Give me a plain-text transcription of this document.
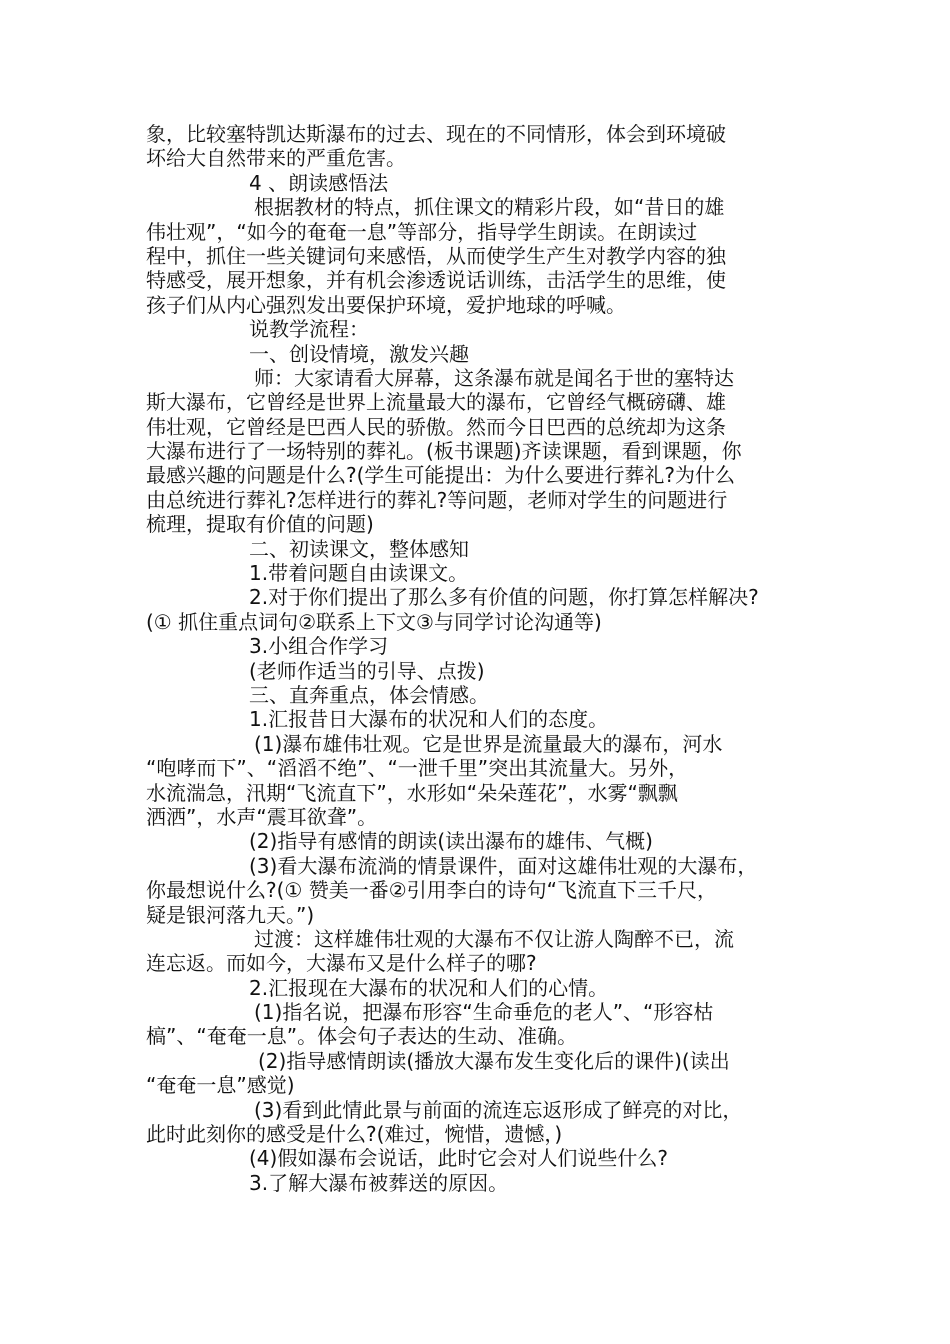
象，比较塞特凯达斯瀑布的过去、现在的不同情形，体会到环境破
坏给大自然带来的严重危害。
4 、朗读感悟法
根据教材的特点，抓住课文的精彩片段，如“昔日的雄
伟壮观”，“如今的奄奄一息”等部分，指导学生朗读。在朗读过
程中，抓住一些关键词句来感悟，从而使学生产生对教学内容的独
特感受，展开想象，并有机会渗透说话训练，击活学生的思维，使
孩子们从内心强烈发出要保护环境，爱护地球的呼喊。
说教学流程：
一、创设情境，激发兴趣
师：大家请看大屏幕，这条瀑布就是闻名于世的塞特达
斯大瀑布，它曾经是世界上流量最大的瀑布，它曾经气概磅礴、雄
伟壮观，它曾经是巴西人民的骄傲。然而今日巴西的总统却为这条
大瀑布进行了一场特别的葬礼。(板书课题)齐读课题，看到课题，你
最感兴趣的问题是什么?(学生可能提出：为什么要进行葬礼?为什么
由总统进行葬礼?怎样进行的葬礼?等问题，老师对学生的问题进行
梳理，提取有价值的问题)
二、初读课文，整体感知
1.带着问题自由读课文。
2.对于你们提出了那么多有价值的问题，你打算怎样解决?
(① 抓住重点词句②联系上下文③与同学讨论沟通等)
3.小组合作学习
(老师作适当的引导、点拨)
三、直奔重点，体会情感。
1.汇报昔日大瀑布的状况和人们的态度。
(1)瀑布雄伟壮观。它是世界是流量最大的瀑布，河水
“咆哮而下”、“滔滔不绝”、“一泄千里”突出其流量大。另外，
水流湍急，汛期“飞流直下”，水形如“朵朵莲花”，水雾“飘飘
洒洒”，水声“震耳欲聋”。
(2)指导有感情的朗读(读出瀑布的雄伟、气概)
(3)看大瀑布流淌的情景课件，面对这雄伟壮观的大瀑布，
你最想说什么?(① 赞美一番②引用李白的诗句“飞流直下三千尺，
疑是银河落九天。”)
过渡：这样雄伟壮观的大瀑布不仅让游人陶醉不已，流
连忘返。而如今，大瀑布又是什么样子的哪?
2.汇报现在大瀑布的状况和人们的心情。
(1)指名说，把瀑布形容“生命垂危的老人”、“形容枯
槁”、“奄奄一息”。体会句子表达的生动、准确。
(2)指导感情朗读(播放大瀑布发生变化后的课件)(读出
“奄奄一息”感觉)
(3)看到此情此景与前面的流连忘返形成了鲜亮的对比，
此时此刻你的感受是什么?(难过，惋惜，遗憾，)
(4)假如瀑布会说话，此时它会对人们说些什么?
3.了解大瀑布被葬送的原因。
